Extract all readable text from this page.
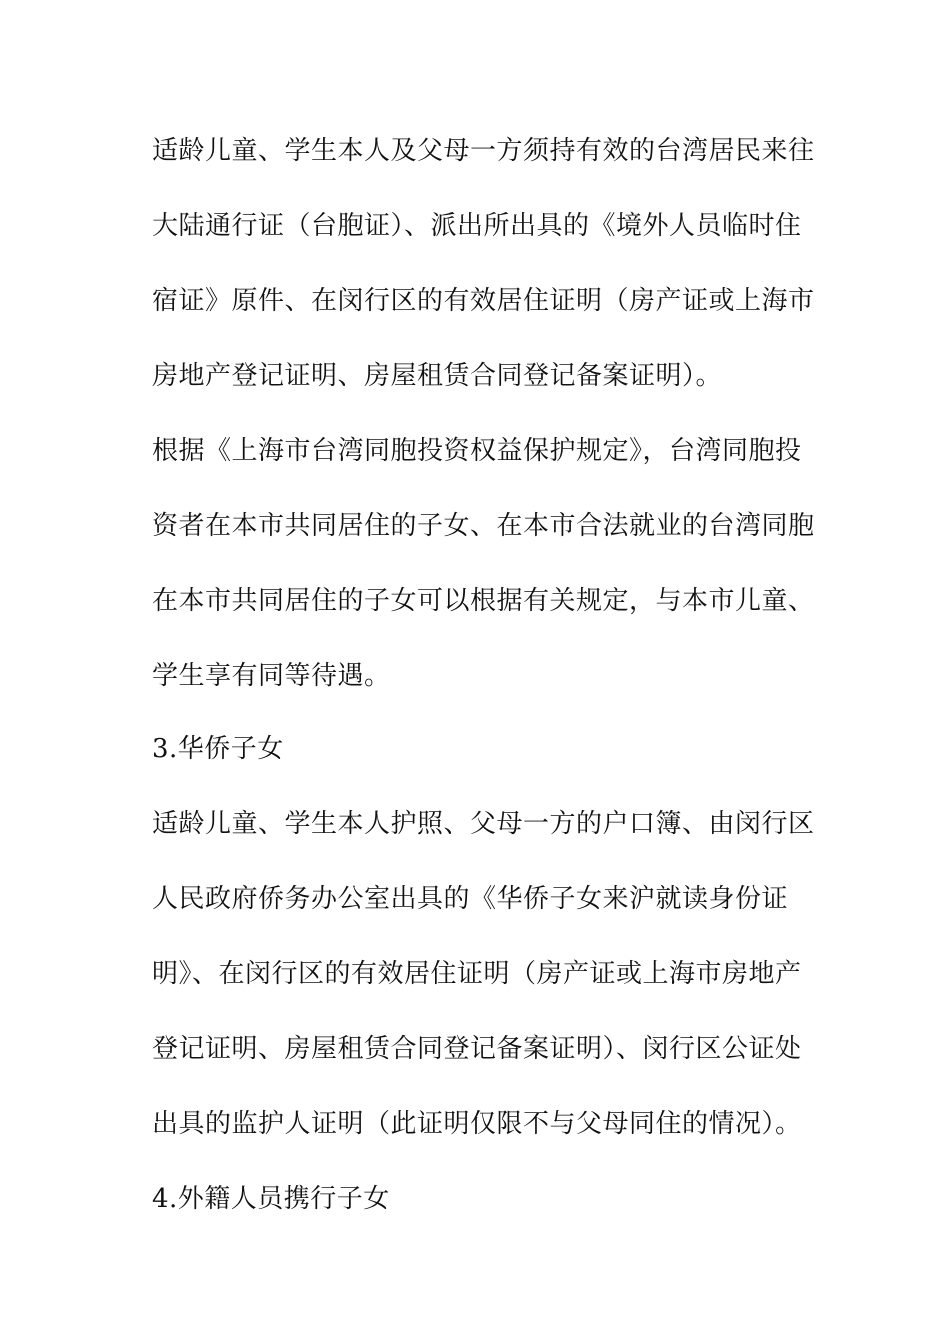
适龄儿童、学生本人及父母一方须持有效的台湾居民来往
大陆通行证（台胞证）、派出所出具的《境外人员临时住
宿证》原件、在闵行区的有效居住证明（房产证或上海市
房地产登记证明、房屋租赁合同登记备案证明）。
根据《上海市台湾同胞投资权益保护规定》，台湾同胞投
资者在本市共同居住的子女、在本市合法就业的台湾同胞
在本市共同居住的子女可以根据有关规定，与本市儿童、
学生享有同等待遇。
3.华侨子女
适龄儿童、学生本人护照、父母一方的户口簿、由闵行区
人民政府侨务办公室出具的《华侨子女来沪就读身份证
明》、在闵行区的有效居住证明（房产证或上海市房地产
登记证明、房屋租赁合同登记备案证明）、闵行区公证处
出具的监护人证明（此证明仅限不与父母同住的情况）。
4.外籍人员携行子女
